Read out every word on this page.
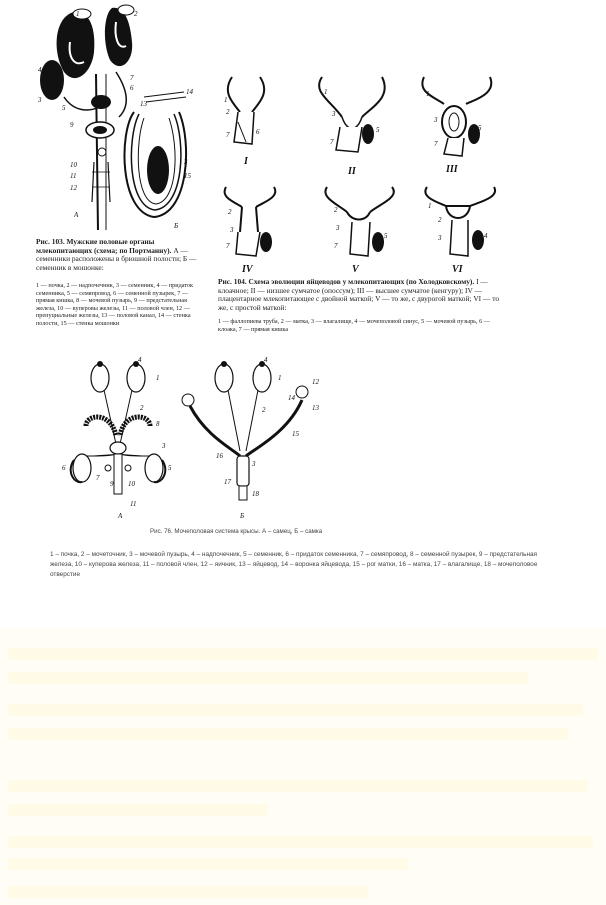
А
Б
1	2
3
4
5
6
7
9
10
11
12
3
15
14
13
Рис. 103. Мужские половые органы млекопитающих (схема; по Портманну). А — семенники расположены в брюшной полости; Б — семенник в мошонке:
1 — почка, 2 — надпочечник, 3 — семенник, 4 — придаток семенника, 5 — семяпровод, 6 — семенной пузырек, 7 — прямая кишка, 8 — мочевой пузырь, 9 — предстательная железа, 10 — куперовы железы, 11 — половой член, 12 — препуциальные железы, 13 — половой канал, 14 — стенка полости, 15 — стенка мошонки
I
1
2
7	6
II
1
3
7
5
III
1
3
7
5
IV
2
3
7
V
2
3
7
5
VI
1
2
3	4
Рис. 104. Схема эволюции яйцеводов у млекопитающих (по Холодковскому). I — клоачное; II — низшее сумчатое (опоссум); III — высшее сумчатое (кенгуру); IV — плацентарное млекопитающее с двойной маткой; V — то же, с двурогой маткой; VI — то же, с простой маткой:
1 — фаллопиева труба, 2 — матка, 3 — влагалище, 4 — мочеполовой синус, 5 — мочевой пузырь, 6 — клоака, 7 — прямая кишка
1
4
2
8
3
5
6
7
9 10
11
А
1
4
2
12
13
14
15
16
3
17
18
Б
Рис. 76. Мочеполовая система крысы. А – самец, Б – самка
1 – почка, 2 – мочеточник, 3 – мочевой пузырь, 4 – надпочечник, 5 – семенник, 6 – придаток семенника, 7 – семяпровод, 8 – семенной пузырек, 9 – предстательная железа, 10 – куперова железа, 11 – половой член, 12 – яичник, 13 – яйцевод, 14 – воронка яйцевода, 15 – рог матки, 16 – матка, 17 – влагалище, 18 – мочеполовое отверстие
